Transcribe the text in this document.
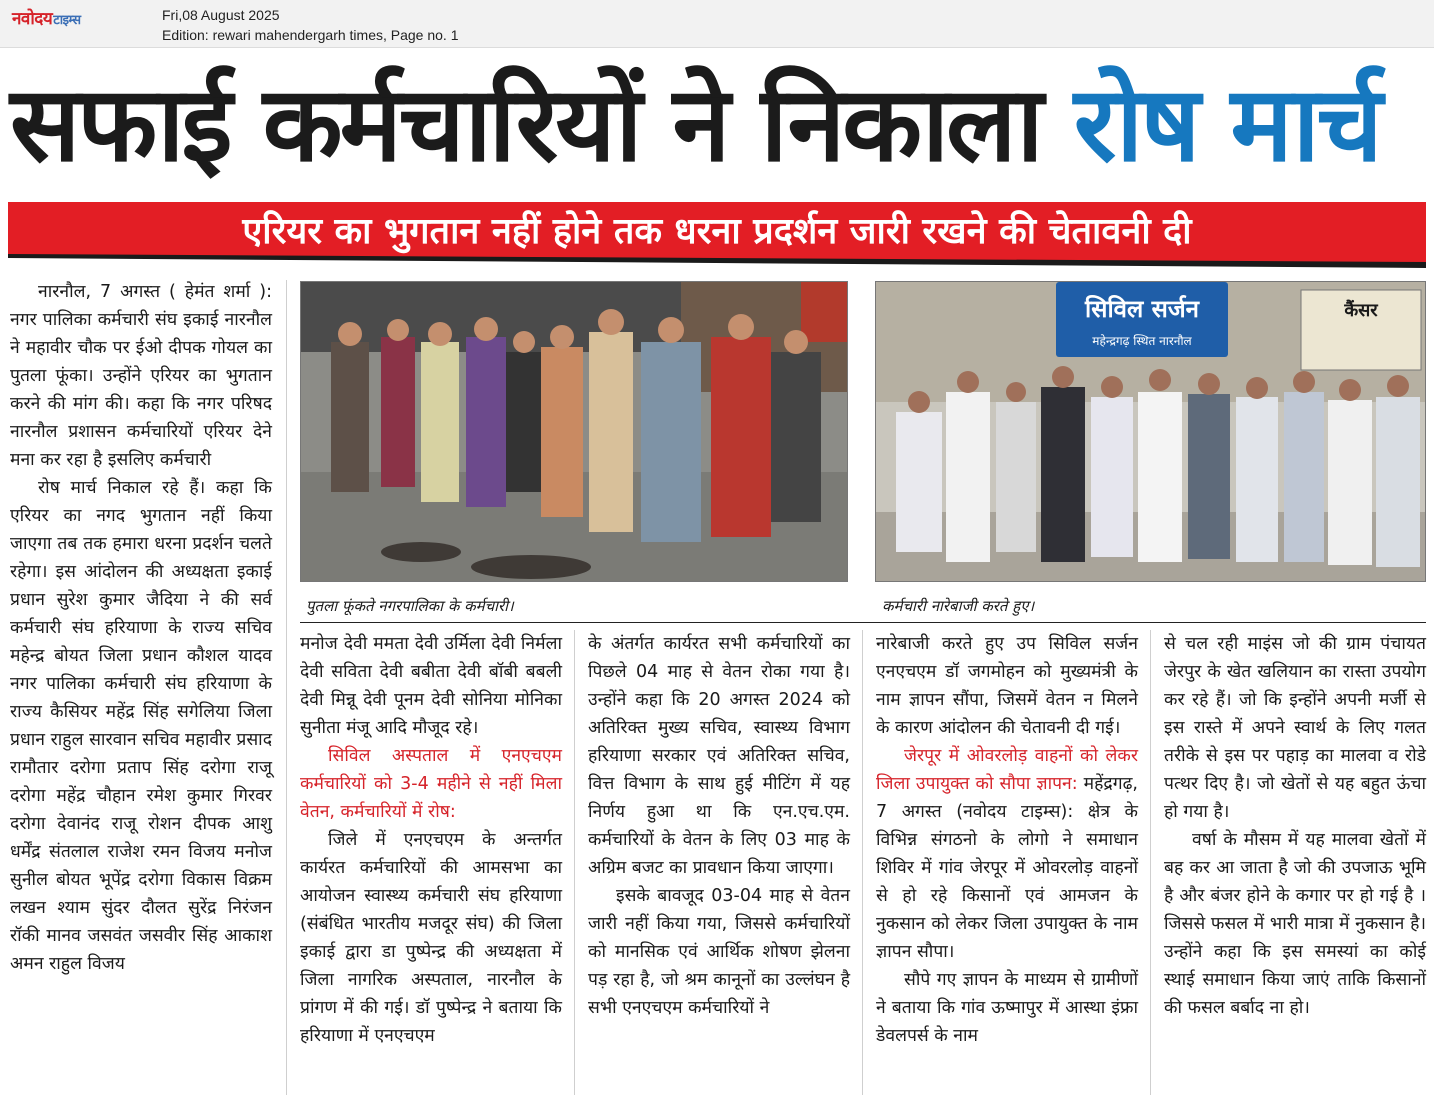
नवोदयटाइम्स	Fri,08 August 2025
Edition: rewari mahendergarh times, Page no. 1
सफाई कर्मचारियों ने निकाला रोष मार्च
एरियर का भुगतान नहीं होने तक धरना प्रदर्शन जारी रखने की चेतावनी दी

नारनौल, 7 अगस्त ( हेमंत शर्मा ): नगर पालिका कर्मचारी संघ इकाई नारनौल ने महावीर चौक पर ईओ दीपक गोयल का पुतला फूंका। उन्होंने एरियर का भुगतान करने की मांग की। कहा कि नगर परिषद नारनौल प्रशासन कर्मचारियों एरियर देने मना कर रहा है इसलिए कर्मचारी

रोष मार्च निकाल रहे हैं। कहा कि एरियर का नगद भुगतान नहीं किया जाएगा तब तक हमारा धरना प्रदर्शन चलते रहेगा। इस आंदोलन की अध्यक्षता इकाई प्रधान सुरेश कुमार जैदिया ने की सर्व कर्मचारी संघ हरियाणा के राज्य सचिव महेन्द्र बोयत जिला प्रधान कौशल यादव नगर पालिका कर्मचारी संघ हरियाणा के राज्य कैसियर महेंद्र सिंह सगेलिया जिला प्रधान राहुल सारवान सचिव महावीर प्रसाद रामौतार दरोगा प्रताप सिंह दरोगा राजू दरोगा महेंद्र चौहान रमेश कुमार गिरवर दरोगा देवानंद राजू रोशन दीपक आशु धर्मेंद्र संतलाल राजेश रमन विजय मनोज सुनील बोयत भूपेंद्र दरोगा विकास विक्रम लखन श्याम सुंदर दौलत सुरेंद्र निरंजन रॉकी मानव जसवंत जसवीर सिंह आकाश अमन राहुल विजय

पुतला फूंकते नगरपालिका के कर्मचारी।
सिविल सर्जन
महेन्द्रगढ़ स्थित नारनौल
कैंसर
कर्मचारी नारेबाजी करते हुए।

मनोज देवी ममता देवी उर्मिला देवी निर्मला देवी सविता देवी बबीता देवी बॉबी बबली देवी मिन्नू देवी पूनम देवी सोनिया मोनिका सुनीता मंजू आदि मौजूद रहे।

सिविल अस्पताल में एनएचएम कर्मचारियों को 3-4 महीने से नहीं मिला वेतन, कर्मचारियों में रोष:

जिले में एनएचएम के अन्तर्गत कार्यरत कर्मचारियों की आमसभा का आयोजन स्वास्थ्य कर्मचारी संघ हरियाणा (संबंधित भारतीय मजदूर संघ) की जिला इकाई द्वारा डा पुष्पेन्द्र की अध्यक्षता में जिला नागरिक अस्पताल, नारनौल के प्रांगण में की गई। डॉ पुष्पेन्द्र ने बताया कि हरियाणा में एनएचएम

के अंतर्गत कार्यरत सभी कर्मचारियों का पिछले 04 माह से वेतन रोका गया है। उन्होंने कहा कि 20 अगस्त 2024 को अतिरिक्त मुख्य सचिव, स्वास्थ्य विभाग हरियाणा सरकार एवं अतिरिक्त सचिव, वित्त विभाग के साथ हुई मीटिंग में यह निर्णय हुआ था कि एन.एच.एम. कर्मचारियों के वेतन के लिए 03 माह के अग्रिम बजट का प्रावधान किया जाएगा।

इसके बावजूद 03-04 माह से वेतन जारी नहीं किया गया, जिससे कर्मचारियों को मानसिक एवं आर्थिक शोषण झेलना पड़ रहा है, जो श्रम कानूनों का उल्लंघन है सभी एनएचएम कर्मचारियों ने

नारेबाजी करते हुए उप सिविल सर्जन एनएचएम डॉ जगमोहन को मुख्यमंत्री के नाम ज्ञापन सौंपा, जिसमें वेतन न मिलने के कारण आंदोलन की चेतावनी दी गई।

जेरपूर में ओवरलोड़ वाहनों को लेकर जिला उपायुक्त को सौपा ज्ञापन: महेंद्रगढ़, 7 अगस्त (नवोदय टाइम्स): क्षेत्र के विभिन्न संगठनो के लोगो ने समाधान शिविर में गांव जेरपूर में ओवरलोड़ वाहनों से हो रहे किसानों एवं आमजन के नुकसान को लेकर जिला उपायुक्त के नाम ज्ञापन सौपा।

सौपे गए ज्ञापन के माध्यम से ग्रामीणों ने बताया कि गांव ऊष्मापुर में आस्था इंफ्रा डेवलपर्स के नाम

से चल रही माइंस जो की ग्राम पंचायत जेरपुर के खेत खलियान का रास्ता उपयोग कर रहे हैं। जो कि इन्होंने अपनी मर्जी से इस रास्ते में अपने स्वार्थ के लिए गलत तरीके से इस पर पहाड़ का मालवा व रोडे पत्थर दिए है। जो खेतों से यह बहुत ऊंचा हो गया है।

वर्षा के मौसम में यह मालवा खेतों में बह कर आ जाता है जो की उपजाऊ भूमि है और बंजर होने के कगार पर हो गई है । जिससे फसल में भारी मात्रा में नुकसान है। उन्होंने कहा कि इस समस्यां का कोई स्थाई समाधान किया जाएं ताकि किसानों की फसल बर्बाद ना हो।
